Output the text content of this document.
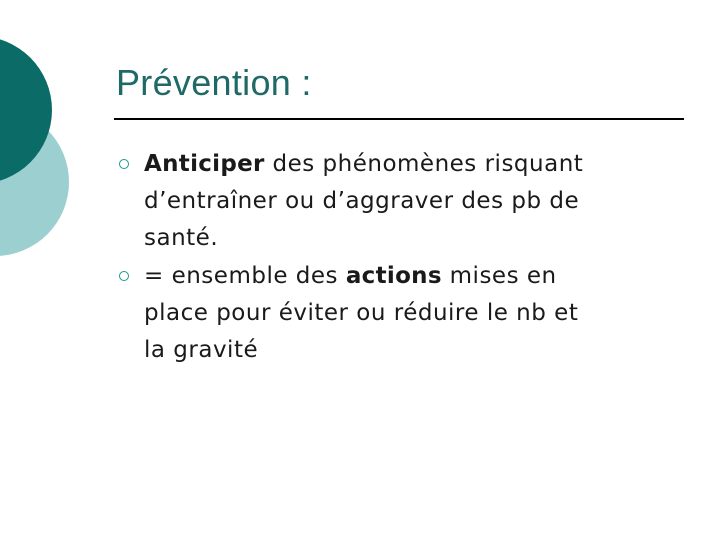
Prévention :
Anticiper des phénomènes risquant
d’entraîner ou d’aggraver des pb de
santé.
= ensemble des actions mises en
place pour éviter ou réduire le nb et
la gravité
